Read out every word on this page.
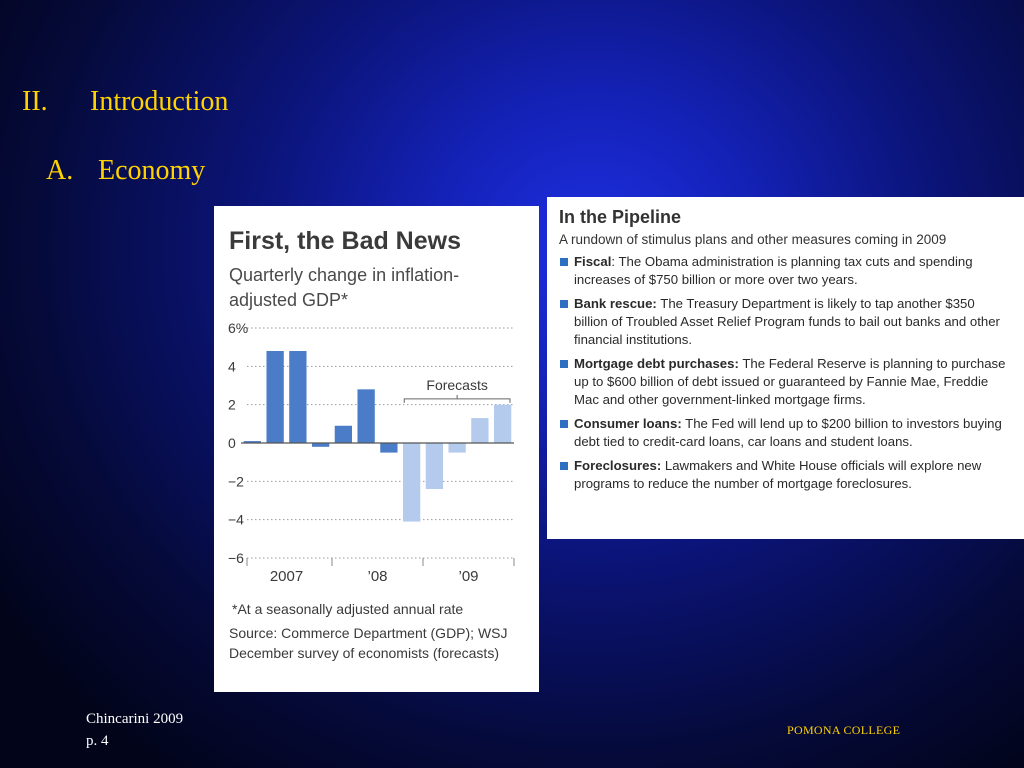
II. Introduction
A. Economy
First, the Bad News
Quarterly change in inflation-
adjusted GDP*
6%
4
2
0
−2
−4
−6
Forecasts
2007	’08	’09
*At a seasonally adjusted annual rate
Source: Commerce Department (GDP); WSJ
December survey of economists (forecasts)
In the Pipeline

A rundown of stimulus plans and other measures coming in 2009

Fiscal: The Obama administration is planning tax cuts and spending increases of $750 billion or more over two years.
Bank rescue: The Treasury Department is likely to tap another $350 billion of Troubled Asset Relief Program funds to bail out banks and other financial institutions.
Mortgage debt purchases: The Federal Reserve is planning to purchase up to $600 billion of debt issued or guaranteed by Fannie Mae, Freddie Mac and other government-linked mortgage firms.
Consumer loans: The Fed will lend up to $200 billion to investors buying debt tied to credit-card loans, car loans and student loans.
Foreclosures: Lawmakers and White House officials will explore new programs to reduce the number of mortgage foreclosures.
Chincarini 2009
p. 4
POMONA COLLEGE
